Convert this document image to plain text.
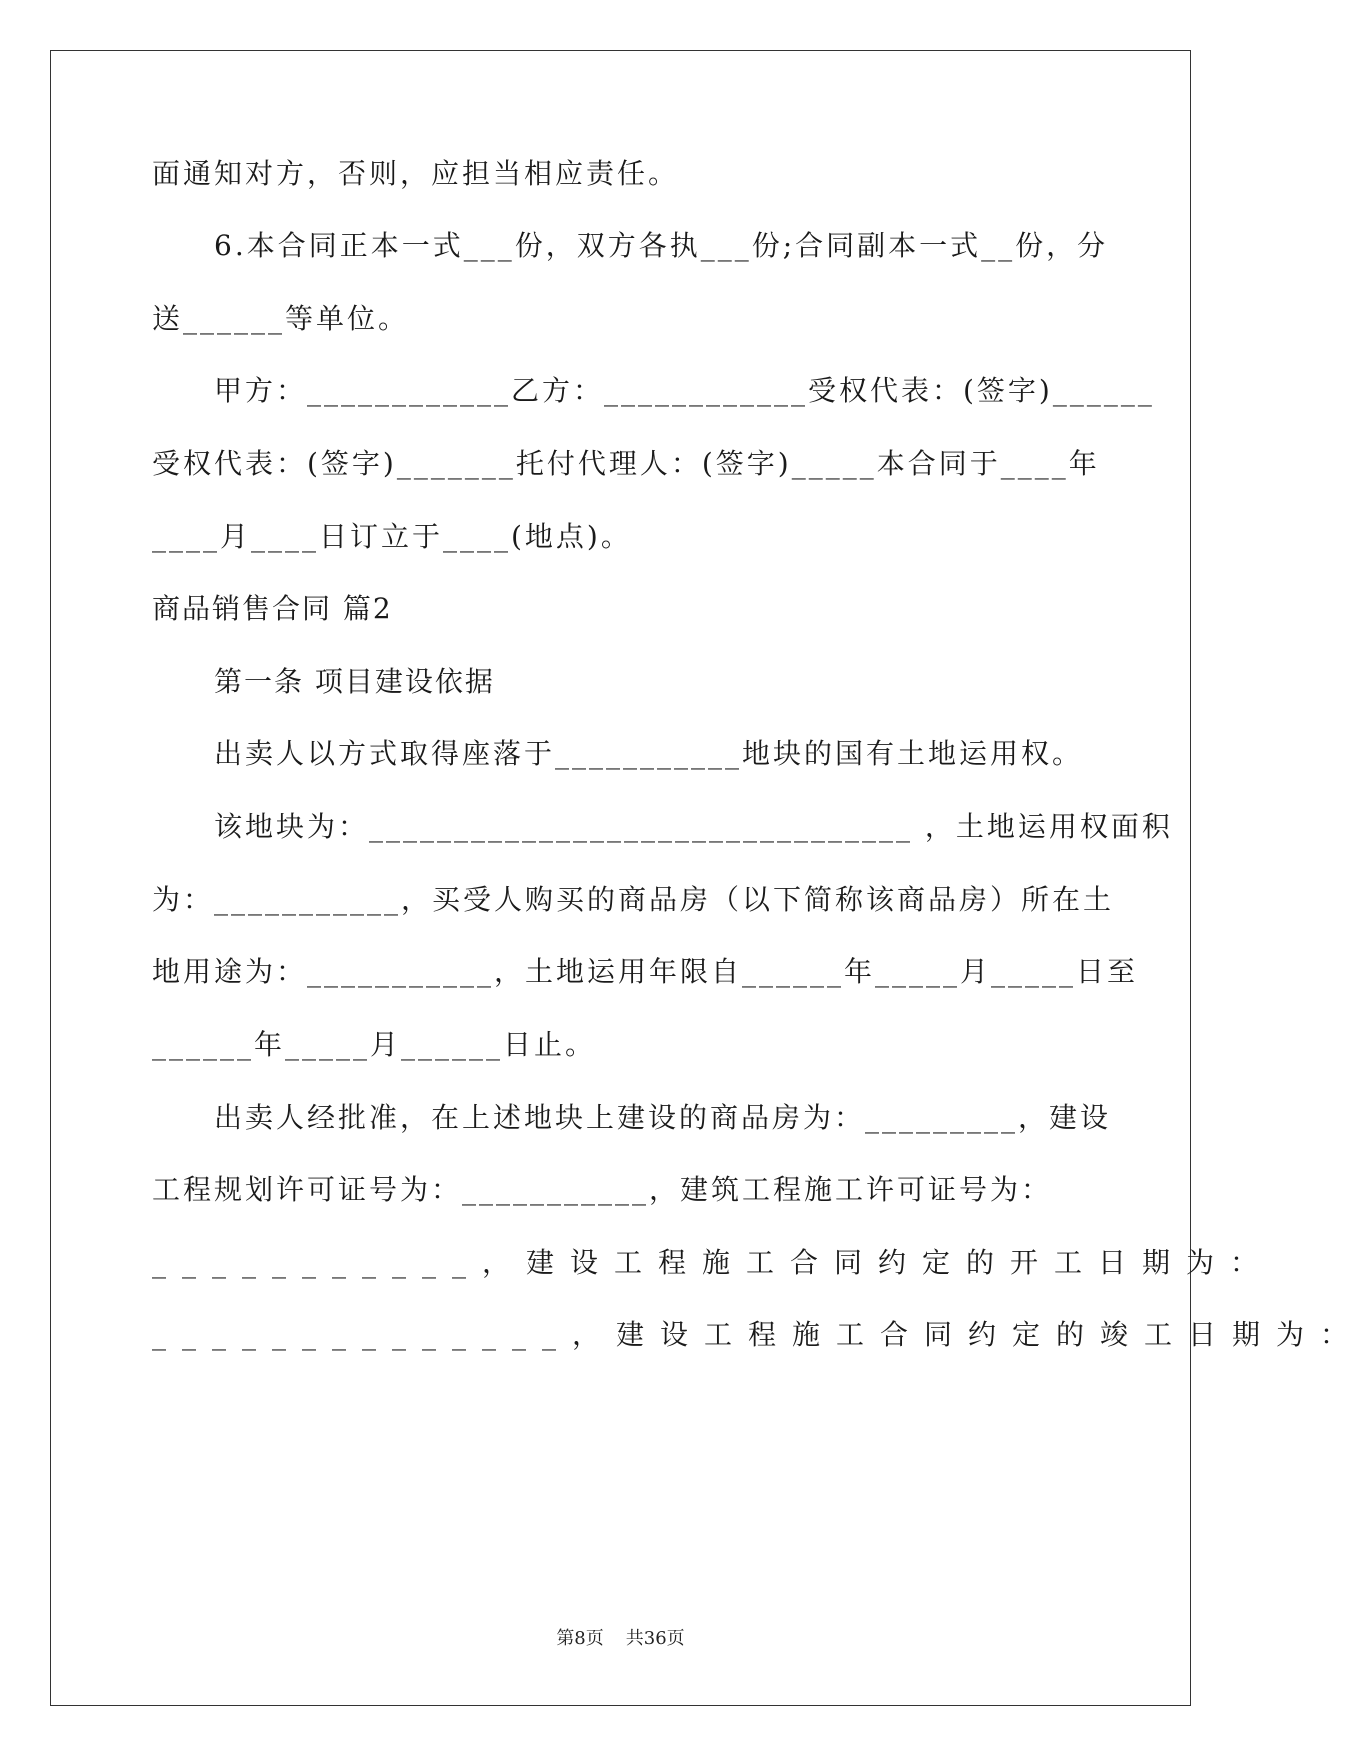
面通知对方，否则，应担当相应责任。
6.本合同正本一式___份，双方各执___份;合同副本一式__份，分
送______等单位。
甲方：____________乙方：____________受权代表：(签字)______
受权代表：(签字)_______托付代理人：(签字)_____本合同于____年
____月____日订立于____(地点)。
商品销售合同 篇2
第一条 项目建设依据
出卖人以方式取得座落于___________地块的国有土地运用权。
该地块为：________________________________ ，土地运用权面积
为：___________，买受人购买的商品房（以下简称该商品房）所在土
地用途为：___________，土地运用年限自______年_____月_____日至
______年_____月______日止。
出卖人经批准，在上述地块上建设的商品房为：_________，建设
工程规划许可证号为：___________，建筑工程施工许可证号为：
___________，建设工程施工合同约定的开工日期为：
______________，建设工程施工合同约定的竣工日期为：
第8页 共36页
